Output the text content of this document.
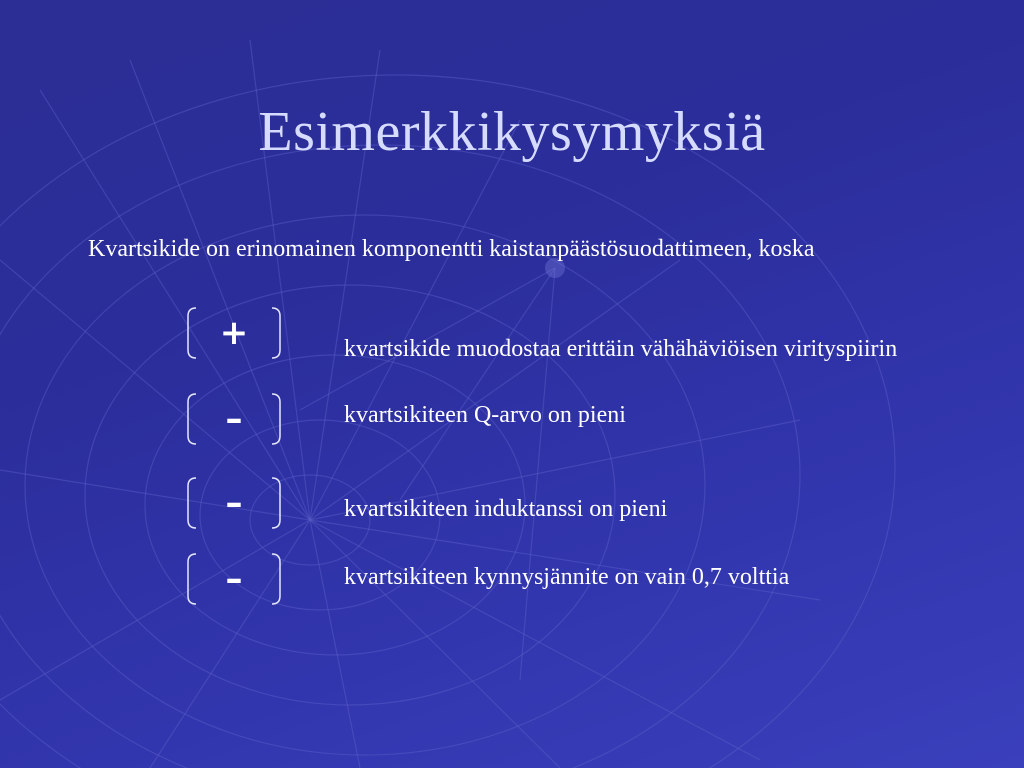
Esimerkkikysymyksiä
Kvartsikide on erinomainen komponentti kaistanpäästösuodattimeen, koska
+	kvartsikide muodostaa erittäin vähähäviöisen virityspiirin
–	kvartsikiteen Q-arvo on pieni
–	kvartsikiteen induktanssi on pieni
–	kvartsikiteen kynnysjännite on vain 0,7 volttia
